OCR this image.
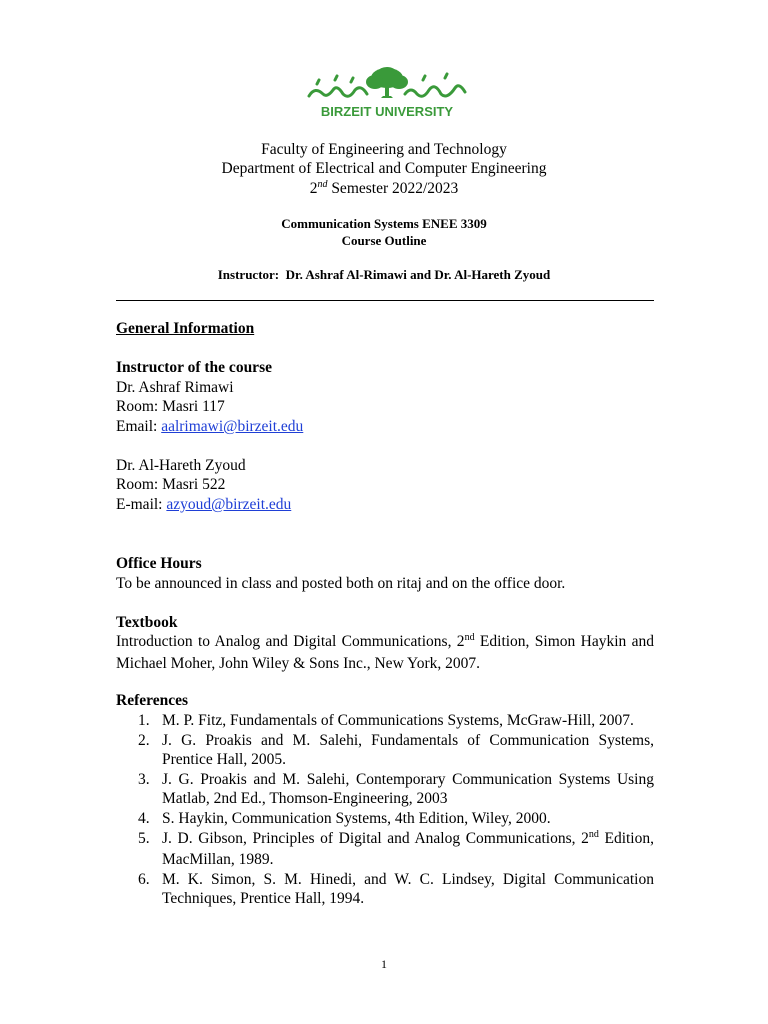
BIRZEIT UNIVERSITY
Faculty of Engineering and Technology
Department of Electrical and Computer Engineering
2nd Semester 2022/2023
Communication Systems ENEE 3309
Course Outline
Instructor: Dr. Ashraf Al-Rimawi and Dr. Al-Hareth Zyoud
General Information
Instructor of the course
Dr. Ashraf Rimawi
Room: Masri 117
Email: aalrimawi@birzeit.edu
Dr. Al-Hareth Zyoud
Room: Masri 522
E-mail: azyoud@birzeit.edu
Office Hours
To be announced in class and posted both on ritaj and on the office door.
Textbook
Introduction to Analog and Digital Communications, 2nd Edition, Simon Haykin and Michael Moher, John Wiley & Sons Inc., New York, 2007.
References
1. M. P. Fitz, Fundamentals of Communications Systems, McGraw-Hill, 2007.
2. J. G. Proakis and M. Salehi, Fundamentals of Communication Systems, Prentice Hall, 2005.
3. J. G. Proakis and M. Salehi, Contemporary Communication Systems Using Matlab, 2nd Ed., Thomson-Engineering, 2003
4. S. Haykin, Communication Systems, 4th Edition, Wiley, 2000.
5. J. D. Gibson, Principles of Digital and Analog Communications, 2nd Edition, MacMillan, 1989.
6. M. K. Simon, S. M. Hinedi, and W. C. Lindsey, Digital Communication Techniques, Prentice Hall, 1994.
1
